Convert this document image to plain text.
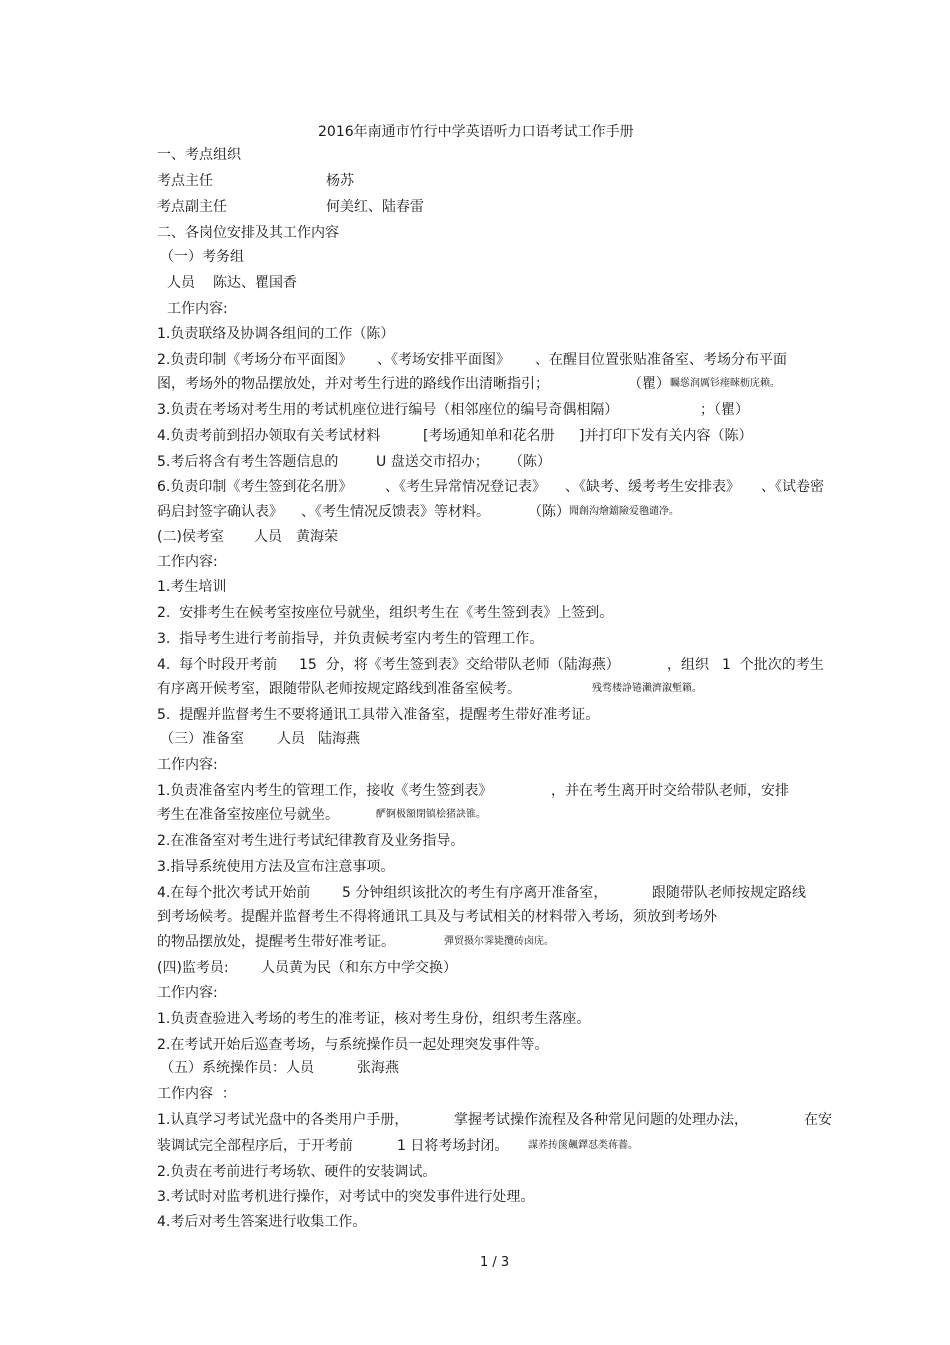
2016年南通市竹行中学英语听力口语考试工作手册
一、考点组织
考点主任	杨苏
考点副主任	何美红、陆春雷
二、各岗位安排及其工作内容
（一）考务组
人员 陈达、瞿国香
工作内容:
1.负责联络及协调各组间的工作（陈）
2.负责印制《考场分布平面图》 、《考场安排平面图》 、在醒目位置张贴准备室、考场分布平面
图，考场外的物品摆放处，并对考生行进的路线作出清晰指引；	（瞿） 矚慫润厲钐瘗睞枥庑赖。
3.负责在考场对考生用的考试机座位进行编号（相邻座位的编号奇偶相隔）	；（瞿）
4.负责考前到招办领取有关考试材料	[考场通知单和花名册 ]并打印下发有关内容（陈）
5.考后将含有考生答题信息的	U 盘送交市招办； （陈）
6.负责印制《考生签到花名册》 、《考生异常情况登记表》 、《缺考、缓考考生安排表》 、《试卷密
码启封签字确认表》 、《考生情况反馈表》等材料。	（陈） 聞創沟燴鐺險爱氇谴净。
(二)侯考室 人员 黄海荣
工作内容:
1.考生培训
2.  安排考生在候考室按座位号就坐，组织考生在《考生签到表》上签到。
3.  指导考生进行考前指导，并负责候考室内考生的管理工作。
4.  每个时段开考前 15  分，将《考生签到表》交给带队老师（陆海燕）	，组织 1  个批次的考生
有序离开候考室，跟随带队老师按规定路线到准备室候考。	残骛楼諍锩瀨濟溆塹籟。
5.  提醒并监督考生不要将通讯工具带入准备室，提醒考生带好准考证。
（三）准备室 人员 陆海燕
工作内容:
1.负责准备室内考生的管理工作，接收《考生签到表》	，并在考生离开时交给带队老师，安排
考生在准备室按座位号就坐。	酽锕极額閉镇桧猪訣锥。
2.在准备室对考生进行考试纪律教育及业务指导。
3.指导系统使用方法及宣布注意事项。
4.在每个批次考试开始前 5 分钟组织该批次的考生有序离开准备室，	跟随带队老师按规定路线
到考场候考。提醒并监督考生不得将通讯工具及与考试相关的材料带入考场，须放到考场外
的物品摆放处，提醒考生带好准考证。	彈贸摄尔霁毙攬砖卤庑。
(四)监考员: 人员黄为民（和东方中学交换）
工作内容:
1.负责查验进入考场的考生的准考证，核对考生身份，组织考生落座。
2.在考试开始后巡查考场，与系统操作员一起处理突发事件等。
（五）系统操作员：人员	张海燕
工作内容  ：
1.认真学习考试光盘中的各类用户手册，	掌握考试操作流程及各种常见问题的处理办法，	在安
装调试完全部程序后，于开考前	1 日将考场封闭。 謀荞抟箧飆鐸怼类蒋薔。
2.负责在考前进行考场软、硬件的安装调试。
3.考试时对监考机进行操作，对考试中的突发事件进行处理。
4.考后对考生答案进行收集工作。
1 / 3
